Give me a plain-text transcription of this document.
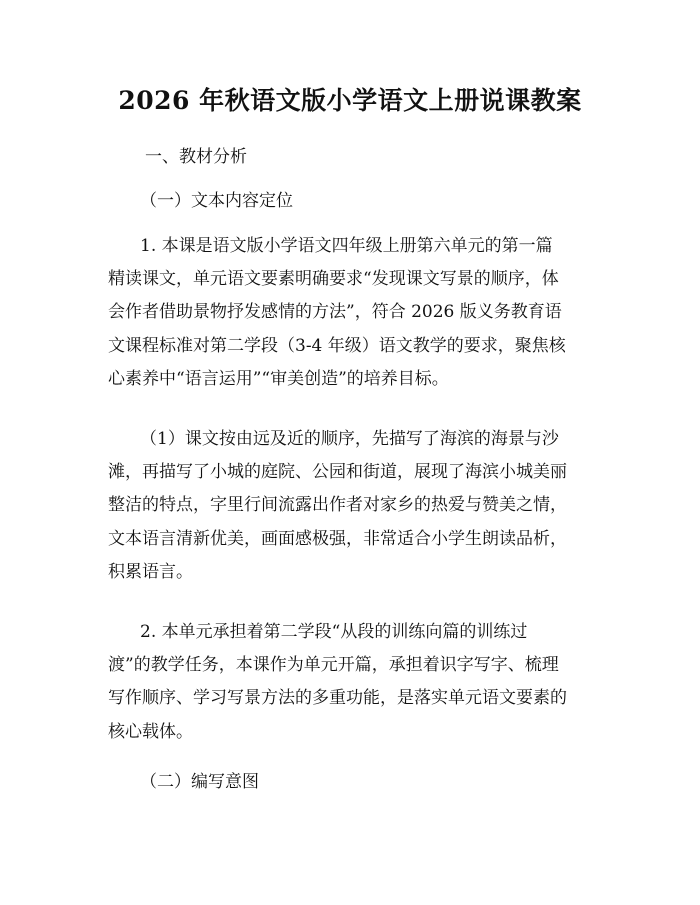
2026 年秋语文版小学语文上册说课教案
一、教材分析
（一）文本内容定位
1. 本课是语文版小学语文四年级上册第六单元的第一篇
精读课文，单元语文要素明确要求“发现课文写景的顺序，体
会作者借助景物抒发感情的方法”，符合 2026 版义务教育语
文课程标准对第二学段（3-4 年级）语文教学的要求，聚焦核
心素养中“语言运用”“审美创造”的培养目标。
（1）课文按由远及近的顺序，先描写了海滨的海景与沙
滩，再描写了小城的庭院、公园和街道，展现了海滨小城美丽
整洁的特点，字里行间流露出作者对家乡的热爱与赞美之情，
文本语言清新优美，画面感极强，非常适合小学生朗读品析，
积累语言。
2. 本单元承担着第二学段“从段的训练向篇的训练过
渡”的教学任务，本课作为单元开篇，承担着识字写字、梳理
写作顺序、学习写景方法的多重功能，是落实单元语文要素的
核心载体。
（二）编写意图
